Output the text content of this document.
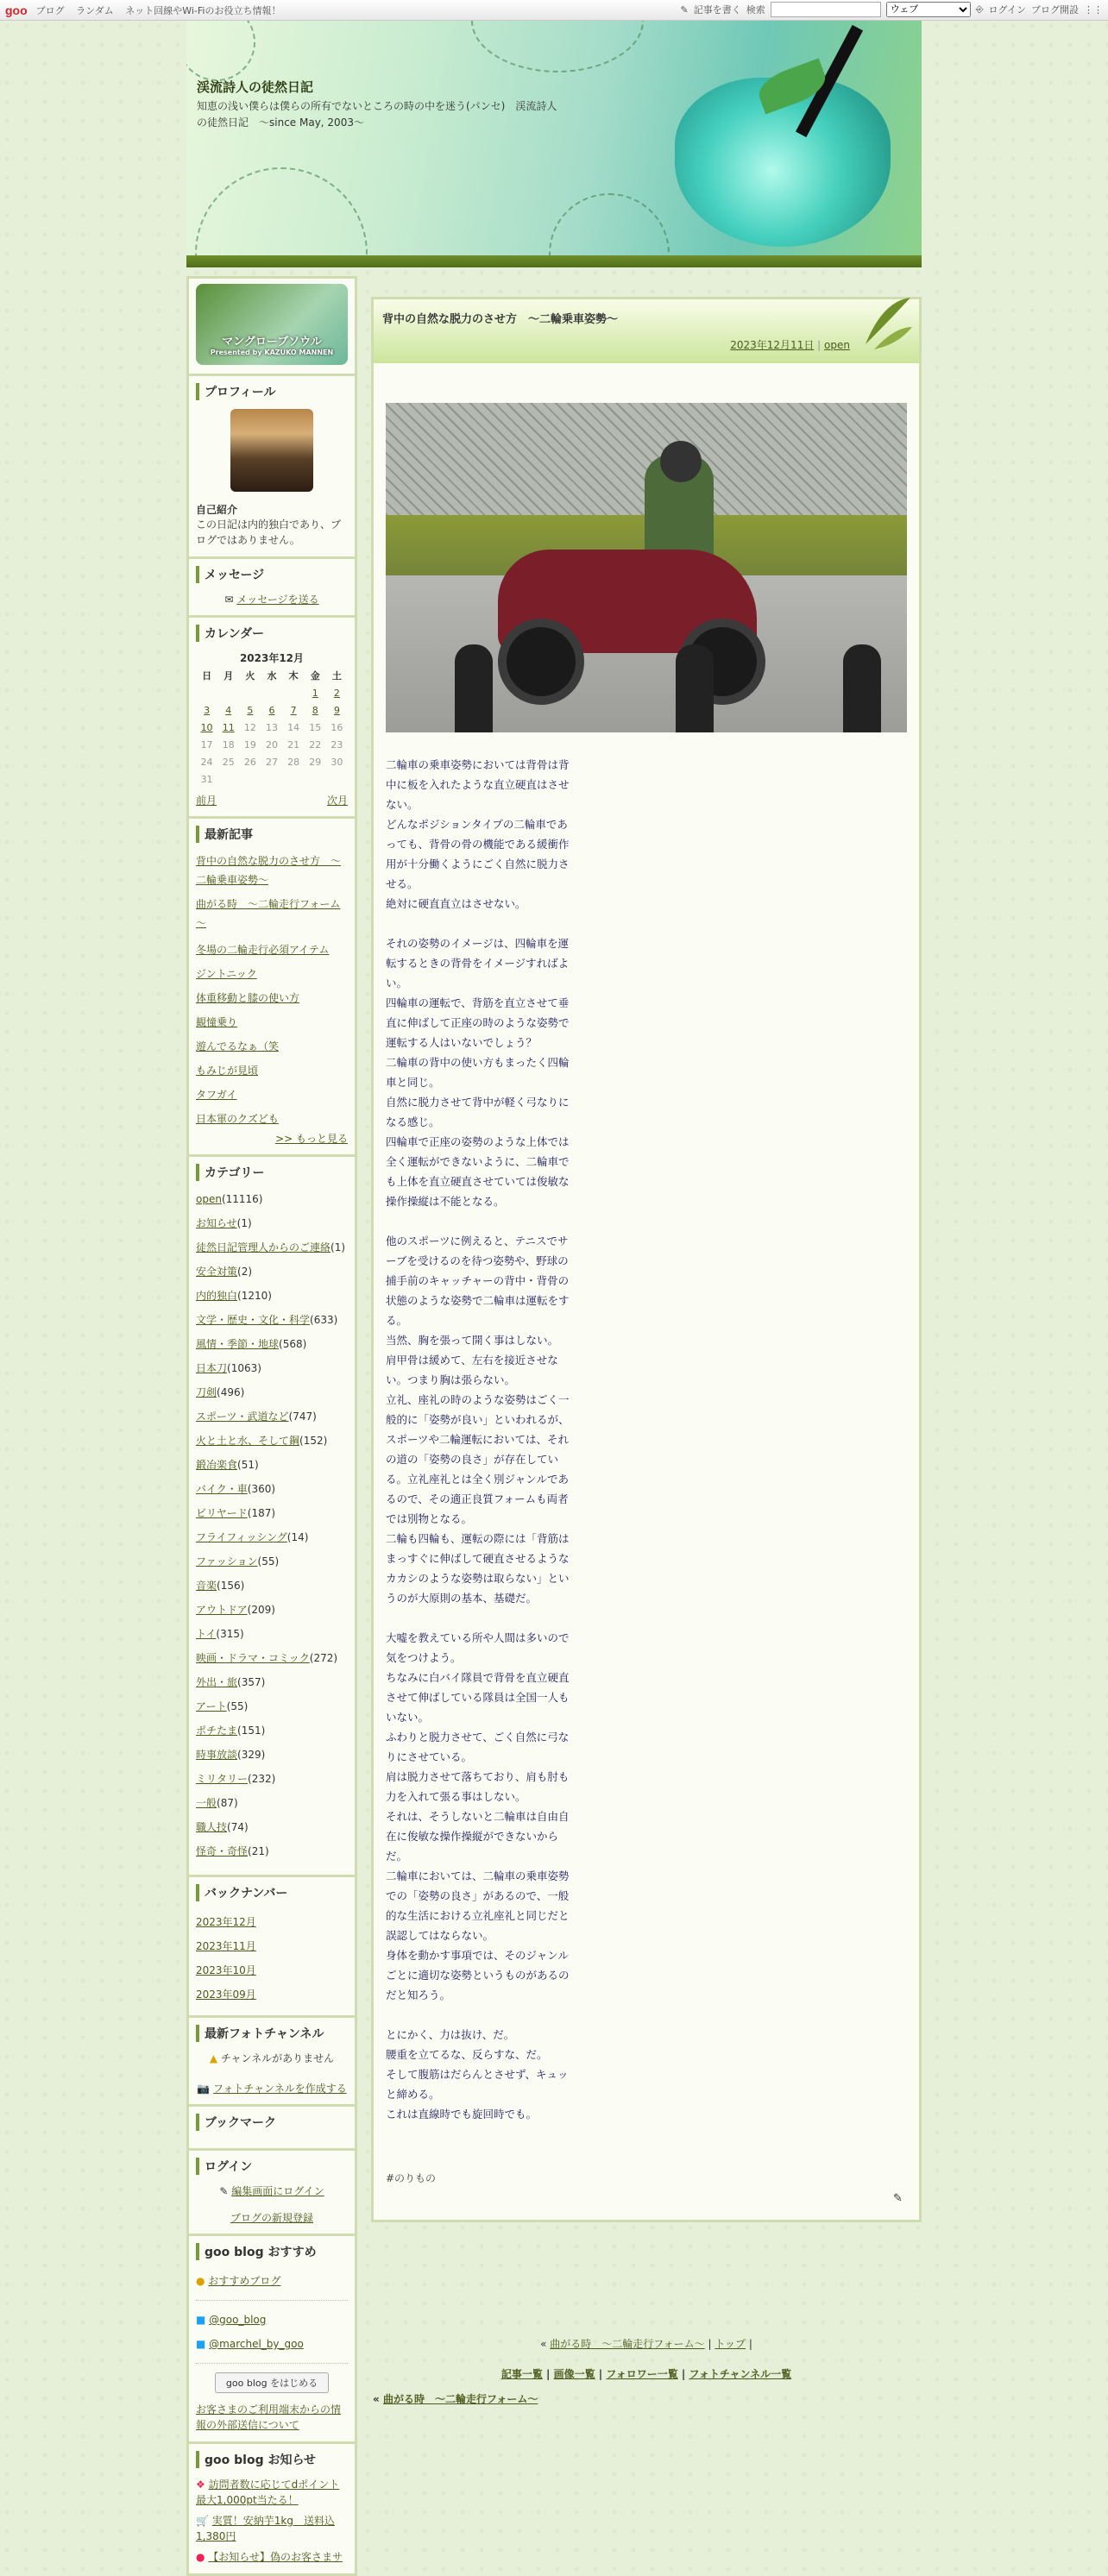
goo ブログ ランダム ネット回線やWi-Fiのお役立ち情報！	✎ 記事を書く 検索
ウェブ	⎆ ログイン ブログ開設 ⋮⋮
渓流詩人の徒然日記
知恵の浅い僕らは僕らの所有でないところの時の中を迷う(パンセ)　渓流詩人の徒然日記　～since May, 2003～
マングローブソウル
Presented by KAZUKO MANNEN
プロフィール
自己紹介
この日記は内的独白であり、ブログではありません。
メッセージ
✉ メッセージを送る
カレンダー
2023年12月
日	月	火	水	木	金	土
					1	2
3	4	5	6	7	8	9
10	11	12	13	14	15	16
17	18	19	20	21	22	23
24	25	26	27	28	29	30
31						
前月	次月
最新記事
背中の自然な脱力のさせ方　～二輪乗車姿勢～
曲がる時　～二輪走行フォーム～
冬場の二輪走行必須アイテム
ジントニック
体重移動と膝の使い方
観憧乗り
遊んでるなぁ（笑
もみじが見頃
タフガイ
日本軍のクズども
>> もっと見る
カテゴリー
open(11116)
お知らせ(1)
徒然日記管理人からのご連絡(1)
安全対策(2)
内的独白(1210)
文学・歴史・文化・科学(633)
風情・季節・地球(568)
日本刀(1063)
刀剣(496)
スポーツ・武道など(747)
火と土と水、そして鋼(152)
鍛冶楽食(51)
バイク・車(360)
ビリヤード(187)
フライフィッシング(14)
ファッション(55)
音楽(156)
アウトドア(209)
トイ(315)
映画・ドラマ・コミック(272)
外出・旅(357)
アート(55)
ポチたま(151)
時事放談(329)
ミリタリー(232)
一般(87)
職人技(74)
怪奇・奇怪(21)
バックナンバー
2023年12月
2023年11月
2023年10月
2023年09月
最新フォトチャンネル
▲ チャンネルがありません
📷 フォトチャンネルを作成する
ブックマーク
ログイン
✎ 編集画面にログイン
ブログの新規登録
goo blog おすすめ
● おすすめブログ
■ @goo_blog
■ @marchel_by_goo
goo blog をはじめる
お客さまのご利用端末からの情報の外部送信について
goo blog お知らせ
❖ 訪問者数に応じてdポイント最大1,000pt当たる！
🛒 実質！安納芋1kg　送料込1,380円
● 【お知らせ】偽のお客さまサ
背中の自然な脱力のさせ方　～二輪乗車姿勢～
2023年12月11日 | open
二輪車の乗車姿勢においては背骨は背中に板を入れたような直立硬直はさせない。
どんなポジションタイプの二輪車であっても、背骨の骨の機能である緩衝作用が十分働くようにごく自然に脱力させる。
絶対に硬直直立はさせない。

それの姿勢のイメージは、四輪車を運転するときの背骨をイメージすればよい。
四輪車の運転で、背筋を直立させて垂直に伸ばして正座の時のような姿勢で運転する人はいないでしょう？
二輪車の背中の使い方もまったく四輪車と同じ。
自然に脱力させて背中が軽く弓なりになる感じ。
四輪車で正座の姿勢のような上体では全く運転ができないように、二輪車でも上体を直立硬直させていては俊敏な操作操縦は不能となる。

他のスポーツに例えると、テニスでサーブを受けるのを待つ姿勢や、野球の捕手前のキャッチャーの背中・背骨の状態のような姿勢で二輪車は運転をする。
当然、胸を張って開く事はしない。
肩甲骨は緩めて、左右を接近させない。つまり胸は張らない。
立礼、座礼の時のような姿勢はごく一般的に「姿勢が良い」といわれるが、スポーツや二輪運転においては、それの道の「姿勢の良さ」が存在している。立礼座礼とは全く別ジャンルであるので、その適正良質フォームも両者では別物となる。
二輪も四輪も、運転の際には「背筋はまっすぐに伸ばして硬直させるようなカカシのような姿勢は取らない」というのが大原則の基本、基礎だ。

大嘘を教えている所や人間は多いので気をつけよう。
ちなみに白バイ隊員で背骨を直立硬直させて伸ばしている隊員は全国一人もいない。
ふわりと脱力させて、ごく自然に弓なりにさせている。
肩は脱力させて落ちており、肩も肘も力を入れて張る事はしない。
それは、そうしないと二輪車は自由自在に俊敏な操作操縦ができないからだ。
二輪車においては、二輪車の乗車姿勢での「姿勢の良さ」があるので、一般的な生活における立礼座礼と同じだと誤認してはならない。
身体を動かす事項では、そのジャンルごとに適切な姿勢というものがあるのだと知ろう。

とにかく、力は抜け、だ。
腰重を立てるな、反らすな、だ。
そして腹筋はだらんとさせず、キュッと締める。
これは直線時でも旋回時でも。
#のりもの
✎
« 曲がる時　～二輪走行フォーム～ | トップ |
記事一覧 | 画像一覧 | フォロワー一覧 | フォトチャンネル一覧
« 曲がる時　～二輪走行フォーム～
